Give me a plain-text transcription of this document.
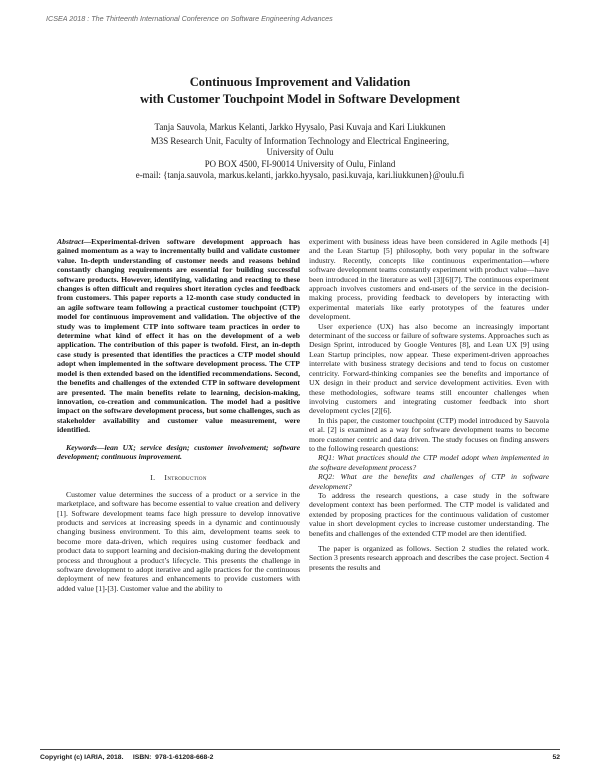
ICSEA 2018 : The Thirteenth International Conference on Software Engineering Advances
Continuous Improvement and Validation
with Customer Touchpoint Model in Software Development
Tanja Sauvola, Markus Kelanti, Jarkko Hyysalo, Pasi Kuvaja and Kari Liukkunen
M3S Research Unit, Faculty of Information Technology and Electrical Engineering,
University of Oulu
PO BOX 4500, FI-90014 University of Oulu, Finland
e-mail: {tanja.sauvola, markus.kelanti, jarkko.hyysalo, pasi.kuvaja, kari.liukkunen}@oulu.fi

Abstract—Experimental-driven software development approach has gained momentum as a way to incrementally build and validate customer value. In-depth understanding of customer needs and reasons behind constantly changing requirements are essential for building successful software products. However, identifying, validating and reacting to these changes is often difficult and requires short iteration cycles and feedback from customers. This paper reports a 12-month case study conducted in an agile software team following a practical customer touchpoint (CTP) model for continuous improvement and validation. The objective of the study was to implement CTP into software team practices in order to determine what kind of effect it has on the development of a web application. The contribution of this paper is twofold. First, an in-depth case study is presented that identifies the practices a CTP model should adopt when implemented in the software development process. The CTP model is then extended based on the identified recommendations. Second, the benefits and challenges of the extended CTP in software development are presented. The main benefits relate to learning, decision-making, innovation, co-creation and communication. The model had a positive impact on the software development process, but some challenges, such as stakeholder availability and customer value measurement, were identified.

Keywords—lean UX; service design; customer involvement; software development; continuous improvement.

I. Introduction

Customer value determines the success of a product or a service in the marketplace, and software has become essential to value creation and delivery [1]. Software development teams face high pressure to develop innovative products and services at increasing speeds in a dynamic and continuously changing business environment. To this aim, development teams seek to become more data-driven, which requires using customer feedback and product data to support learning and decision-making during the development process and throughout a product’s lifecycle. This presents the challenge in software development to adopt iterative and agile practices for the continuous deployment of new features and enhancements to provide customers with added value [1]-[3]. Customer value and the ability to

experiment with business ideas have been considered in Agile methods [4] and the Lean Startup [5] philosophy, both very popular in the software industry. Recently, concepts like continuous experimentation—where software development teams constantly experiment with product value—have been introduced in the literature as well [3][6][7]. The continuous experiment approach involves customers and end-users of the service in the decision-making process, providing feedback to developers by interacting with experimental materials like early prototypes of the features under development.

User experience (UX) has also become an increasingly important determinant of the success or failure of software systems. Approaches such as Design Sprint, introduced by Google Ventures [8], and Lean UX [9] using Lean Startup principles, now appear. These experiment-driven approaches interrelate with business strategy decisions and tend to focus on customer centricity. Forward-thinking companies see the benefits and importance of UX design in their product and service development activities. Even with these methodologies, software teams still encounter challenges when involving customers and integrating customer feedback into short development cycles [2][6].

In this paper, the customer touchpoint (CTP) model introduced by Sauvola et al. [2] is examined as a way for software development teams to become more customer centric and data driven. The study focuses on finding answers to the following research questions:

RQ1: What practices should the CTP model adopt when implemented in the software development process?

RQ2: What are the benefits and challenges of CTP in software development?

To address the research questions, a case study in the software development context has been performed. The CTP model is validated and extended by proposing practices for the continuous validation of customer value in short development cycles to increase customer understanding. The benefits and challenges of the extended CTP model are then identified.

The paper is organized as follows. Section 2 studies the related work. Section 3 presents research approach and describes the case project. Section 4 presents the results and

Copyright (c) IARIA, 2018.     ISBN:  978-1-61208-668-2	52
